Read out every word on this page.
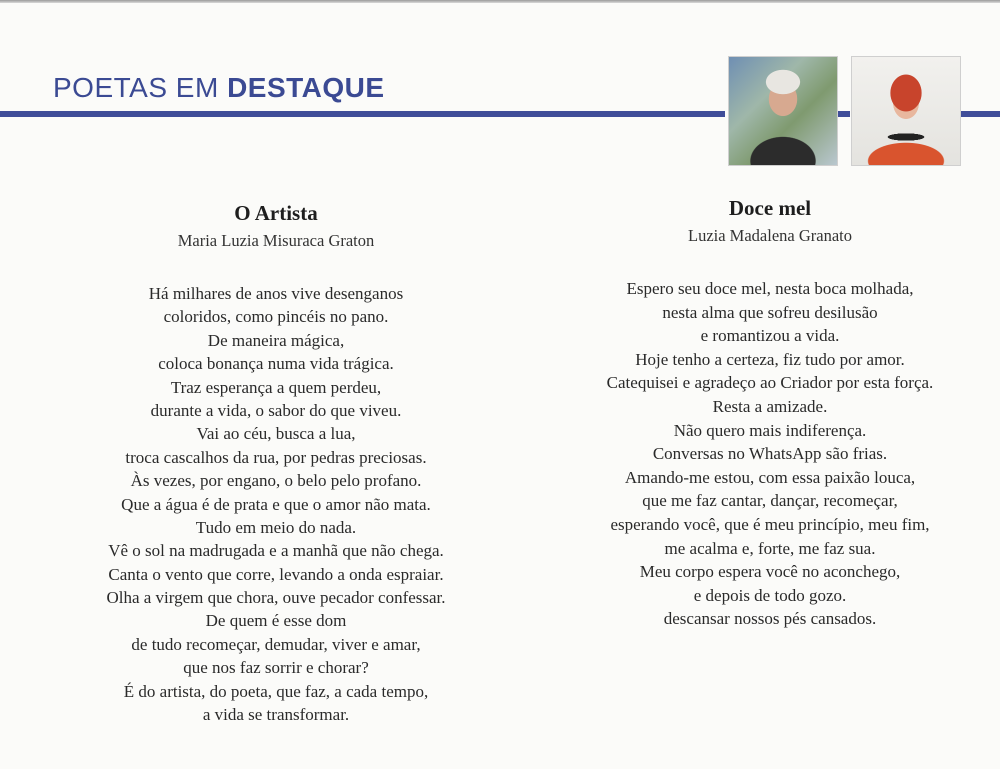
POETAS EM DESTAQUE
O Artista
Maria Luzia Misuraca Graton
Há milhares de anos vive desenganos
coloridos, como pincéis no pano.
De maneira mágica,
coloca bonança numa vida trágica.
Traz esperança a quem perdeu,
durante a vida, o sabor do que viveu.
Vai ao céu, busca a lua,
troca cascalhos da rua, por pedras preciosas.
Às vezes, por engano, o belo pelo profano.
Que a água é de prata e que o amor não mata.
Tudo em meio do nada.
Vê o sol na madrugada e a manhã que não chega.
Canta o vento que corre, levando a onda espraiar.
Olha a virgem que chora, ouve pecador confessar.
De quem é esse dom
de tudo recomeçar, demudar, viver e amar,
que nos faz sorrir e chorar?
É do artista, do poeta, que faz, a cada tempo,
a vida se transformar.
Doce mel
Luzia Madalena Granato
Espero seu doce mel, nesta boca molhada,
nesta alma que sofreu desilusão
e romantizou a vida.
Hoje tenho a certeza, fiz tudo por amor.
Catequisei e agradeço ao Criador por esta força.
Resta a amizade.
Não quero mais indiferença.
Conversas no WhatsApp são frias.
Amando-me estou, com essa paixão louca,
que me faz cantar, dançar, recomeçar,
esperando você, que é meu princípio, meu fim,
me acalma e, forte, me faz sua.
Meu corpo espera você no aconchego,
e depois de todo gozo.
descansar nossos pés cansados.
